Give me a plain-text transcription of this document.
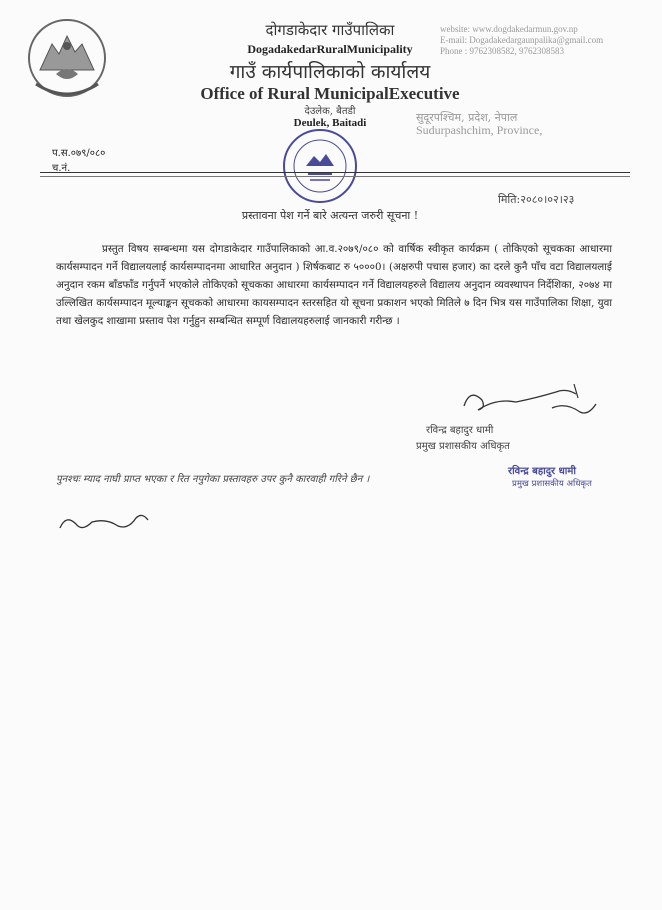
दोगडाकेदार गाउँपालिका
DogadakedarRuralMunicipality
गाउँ कार्यपालिकाको कार्यालय
Office of Rural MunicipalExecutive
देउलेक, बैतडी
Deulek, Baitadi
website: www.dogdakedarmun.gov.np
E-mail: Dogadakedargaunpalika@gmail.com
Phone : 9762308582, 9762308583
सुदूरपश्चिम, प्रदेश, नेपाल
Sudurpashchim, Province,
प.स.०७९/०८०
च.नं.
मिति:२०८०।०२।२३
प्रस्तावना पेश गर्ने बारे अत्यन्त जरुरी सूचना !
प्रस्तुत विषय सम्बन्धमा यस दोगडाकेदार गाउँपालिकाको आ.व.२०७९/०८० को वार्षिक स्वीकृत कार्यक्रम ( तोकिएको सूचकका आधारमा कार्यसम्पादन गर्ने विद्यालयलाई कार्यसम्पादनमा आधारित अनुदान ) शिर्षकबाट रु ५०००0। (अक्षरुपी पचास हजार) का दरले कुनै पाँच वटा विद्यालयलाई अनुदान रकम बाँडफाँड गर्नुपर्ने भएकोले तोकिएको सूचकका आधारमा कार्यसम्पादन गर्ने विद्यालयहरुले विद्यालय अनुदान व्यवस्थापन निर्देशिका, २०७४ मा उल्लिखित कार्यसम्पादन मूल्याङ्कन सूचकको आधारमा कायसम्पादन स्तरसहित यो सूचना प्रकाशन भएको मितिले ७ दिन भित्र यस गाउँपालिका शिक्षा, युवा तथा खेलकुद शाखामा प्रस्ताव पेश गर्नुहुन सम्बन्धित सम्पूर्ण विद्यालयहरुलाई जानकारी गरीन्छ ।
रविन्द्र बहादुर धामी
प्रमुख प्रशासकीय अधिकृत
पुनश्चः म्याद नाघी प्राप्त भएका र रित नपुगेका प्रस्तावहरु उपर कुनै कारवाही गरिने छैन ।
रविन्द्र बहादुर धामी
प्रमुख प्रशासकीय अधिकृत
